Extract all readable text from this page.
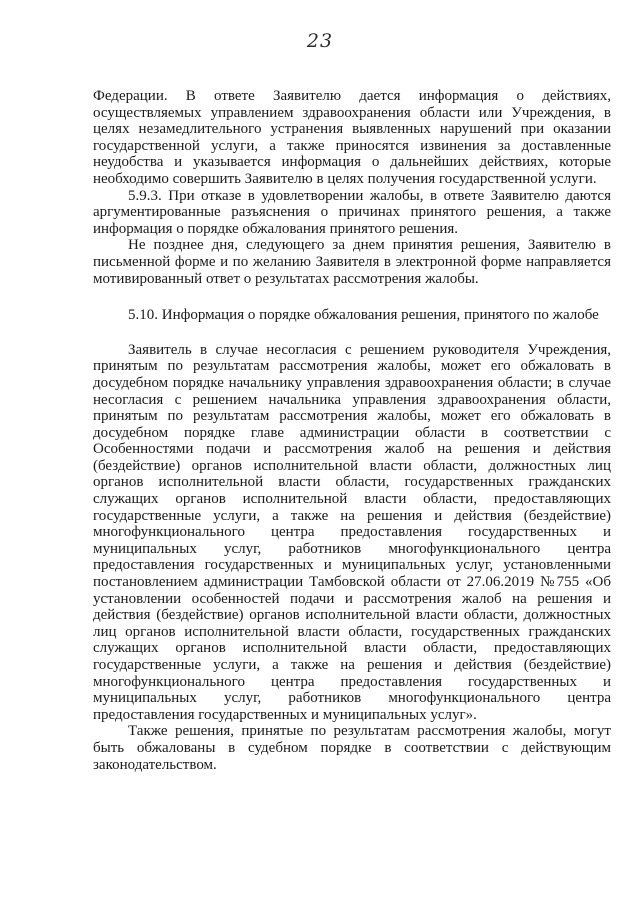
23

Федерации. В ответе Заявителю дается информация о действиях, осуществляемых управлением здравоохранения области или Учреждения, в целях незамедлительного устранения выявленных нарушений при оказании государственной услуги, а также приносятся извинения за доставленные неудобства и указывается информация о дальнейших действиях, которые необходимо совершить Заявителю в целях получения государственной услуги.

5.9.3. При отказе в удовлетворении жалобы, в ответе Заявителю даются аргументированные разъяснения о причинах принятого решения, а также информация о порядке обжалования принятого решения.

Не позднее дня, следующего за днем принятия решения, Заявителю в письменной форме и по желанию Заявителя в электронной форме направляется мотивированный ответ о результатах рассмотрения жалобы.

5.10. Информация о порядке обжалования решения, принятого по жалобе

Заявитель в случае несогласия с решением руководителя Учреждения, принятым по результатам рассмотрения жалобы, может его обжаловать в досудебном порядке начальнику управления здравоохранения области; в случае несогласия с решением начальника управления здравоохранения области, принятым по результатам рассмотрения жалобы, может его обжаловать в досудебном порядке главе администрации области в соответствии с Особенностями подачи и рассмотрения жалоб на решения и действия (бездействие) органов исполнительной власти области, должностных лиц органов исполнительной власти области, государственных гражданских служащих органов исполнительной власти области, предоставляющих государственные услуги, а также на решения и действия (бездействие) многофункционального центра предоставления государственных и муниципальных услуг, работников многофункционального центра предоставления государственных и муниципальных услуг, установленными постановлением администрации Тамбовской области от 27.06.2019 №755 «Об установлении особенностей подачи и рассмотрения жалоб на решения и действия (бездействие) органов исполнительной власти области, должностных лиц органов исполнительной власти области, государственных гражданских служащих органов исполнительной власти области, предоставляющих государственные услуги, а также на решения и действия (бездействие) многофункционального центра предоставления государственных и муниципальных услуг, работников многофункционального центра предоставления государственных и муниципальных услуг».

Также решения, принятые по результатам рассмотрения жалобы, могут быть обжалованы в судебном порядке в соответствии с действующим законодательством.
